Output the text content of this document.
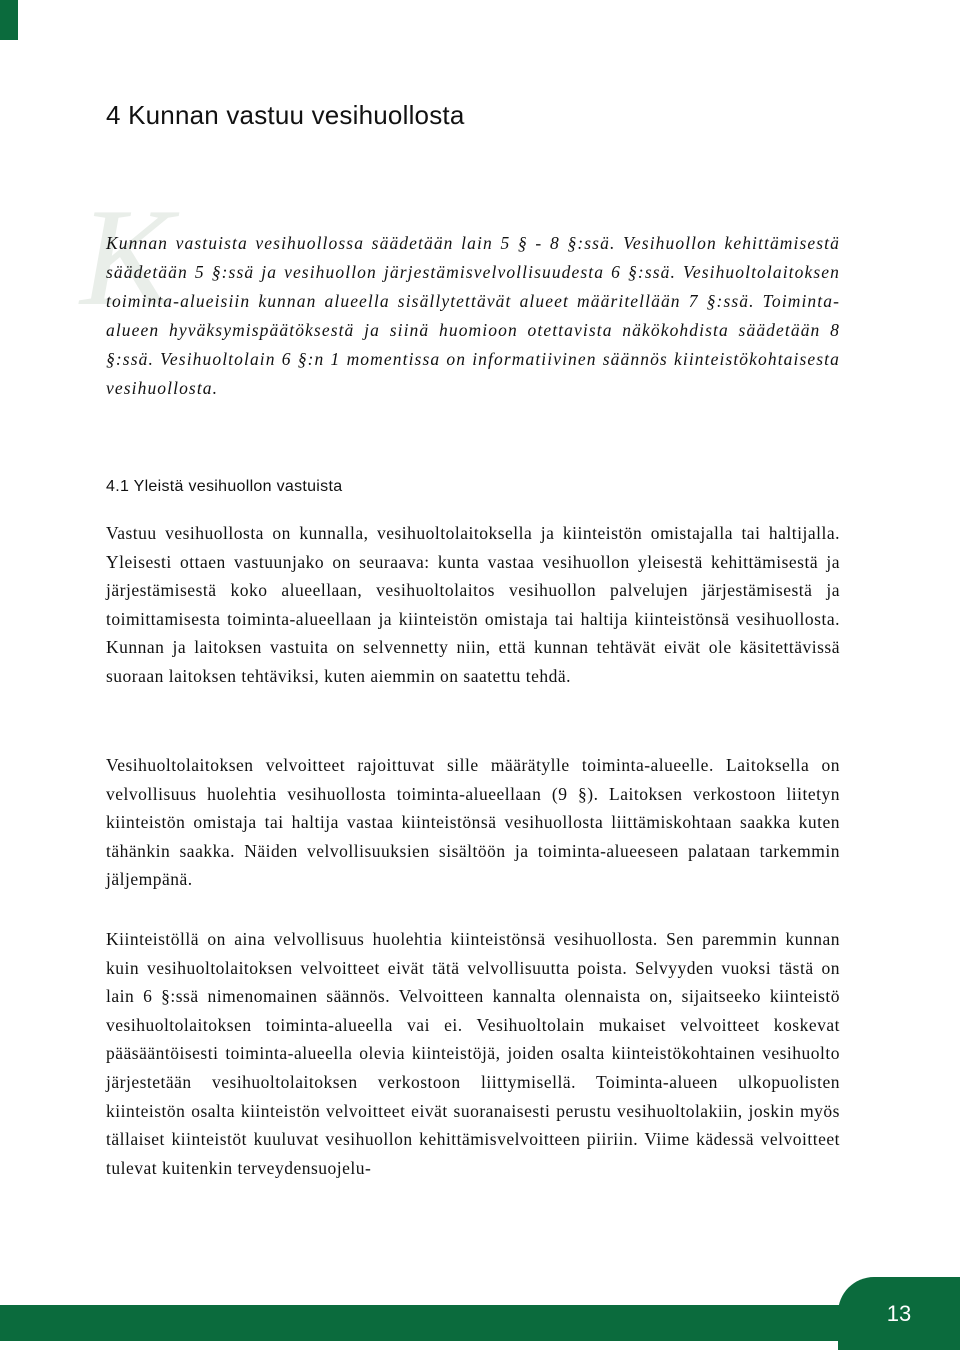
4 Kunnan vastuu vesihuollosta
K

Kunnan vastuista vesihuollossa säädetään lain 5 § - 8 §:ssä. Vesihuollon kehittämisestä säädetään 5 §:ssä ja vesihuollon järjestämisvelvollisuudesta 6 §:ssä. Vesihuoltolaitoksen toiminta-alueisiin kunnan alueella sisällytettävät alueet määritellään 7 §:ssä. Toiminta-alueen hyväksymispäätöksestä ja siinä huomioon otettavista näkökohdista säädetään 8 §:ssä. Vesihuoltolain 6 §:n 1 momentissa on informatiivinen säännös kiinteistökohtaisesta vesihuollosta.

4.1 Yleistä vesihuollon vastuista

Vastuu vesihuollosta on kunnalla, vesihuoltolaitoksella ja kiinteistön omistajalla tai haltijalla. Yleisesti ottaen vastuunjako on seuraava: kunta vastaa vesihuollon yleisestä kehittämisestä ja järjestämisestä koko alueellaan, vesihuoltolaitos vesihuollon palvelujen järjestämisestä ja toimittamisesta toiminta-alueellaan ja kiinteistön omistaja tai haltija kiinteistönsä vesihuollosta. Kunnan ja laitoksen vastuita on selvennetty niin, että kunnan tehtävät eivät ole käsitettävissä suoraan laitoksen tehtäviksi, kuten aiemmin on saatettu tehdä.

Vesihuoltolaitoksen velvoitteet rajoittuvat sille määrätylle toiminta-alueelle. Laitoksella on velvollisuus huolehtia vesihuollosta toiminta-alueellaan (9 §). Laitoksen verkostoon liitetyn kiinteistön omistaja tai haltija vastaa kiinteistönsä vesihuollosta liittämiskohtaan saakka kuten tähänkin saakka. Näiden velvollisuuksien sisältöön ja toiminta-alueeseen palataan tarkemmin jäljempänä.

Kiinteistöllä on aina velvollisuus huolehtia kiinteistönsä vesihuollosta. Sen paremmin kunnan kuin vesihuoltolaitoksen velvoitteet eivät tätä velvollisuutta poista. Selvyyden vuoksi tästä on lain 6 §:ssä nimenomainen säännös. Velvoitteen kannalta olennaista on, sijaitseeko kiinteistö vesihuoltolaitoksen toiminta-alueella vai ei. Vesihuoltolain mukaiset velvoitteet koskevat pääsääntöisesti toiminta-alueella olevia kiinteistöjä, joiden osalta kiinteistökohtainen vesihuolto järjestetään vesihuoltolaitoksen verkostoon liittymisellä. Toiminta-alueen ulkopuolisten kiinteistön osalta kiinteistön velvoitteet eivät suoranaisesti perustu vesihuoltolakiin, joskin myös tällaiset kiinteistöt kuuluvat vesihuollon kehittämisvelvoitteen piiriin. Viime kädessä velvoitteet tulevat kuitenkin terveydensuojelu-

13
